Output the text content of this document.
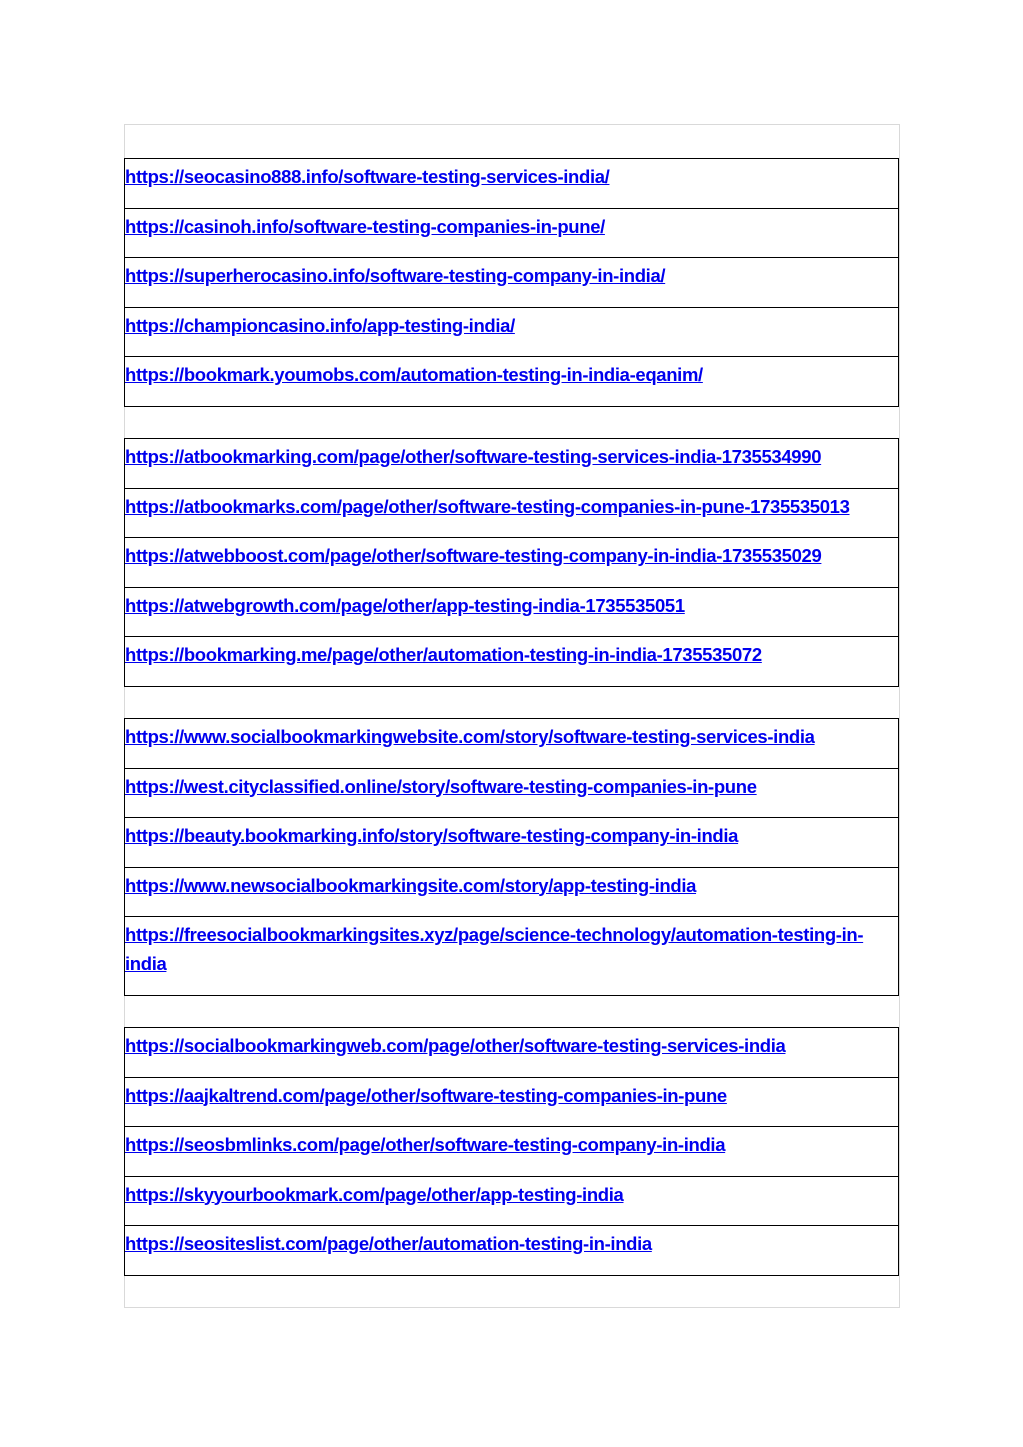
https://seocasino888.info/software-testing-services-india/
https://casinoh.info/software-testing-companies-in-pune/
https://superherocasino.info/software-testing-company-in-india/
https://championcasino.info/app-testing-india/
https://bookmark.youmobs.com/automation-testing-in-india-eqanim/
https://atbookmarking.com/page/other/software-testing-services-india-1735534990
https://atbookmarks.com/page/other/software-testing-companies-in-pune-1735535013
https://atwebboost.com/page/other/software-testing-company-in-india-1735535029
https://atwebgrowth.com/page/other/app-testing-india-1735535051
https://bookmarking.me/page/other/automation-testing-in-india-1735535072
https://www.socialbookmarkingwebsite.com/story/software-testing-services-india
https://west.cityclassified.online/story/software-testing-companies-in-pune
https://beauty.bookmarking.info/story/software-testing-company-in-india
https://www.newsocialbookmarkingsite.com/story/app-testing-india
https://freesocialbookmarkingsites.xyz/page/science-technology/automation-testing-in-india
https://socialbookmarkingweb.com/page/other/software-testing-services-india
https://aajkaltrend.com/page/other/software-testing-companies-in-pune
https://seosbmlinks.com/page/other/software-testing-company-in-india
https://skyyourbookmark.com/page/other/app-testing-india
https://seositeslist.com/page/other/automation-testing-in-india
